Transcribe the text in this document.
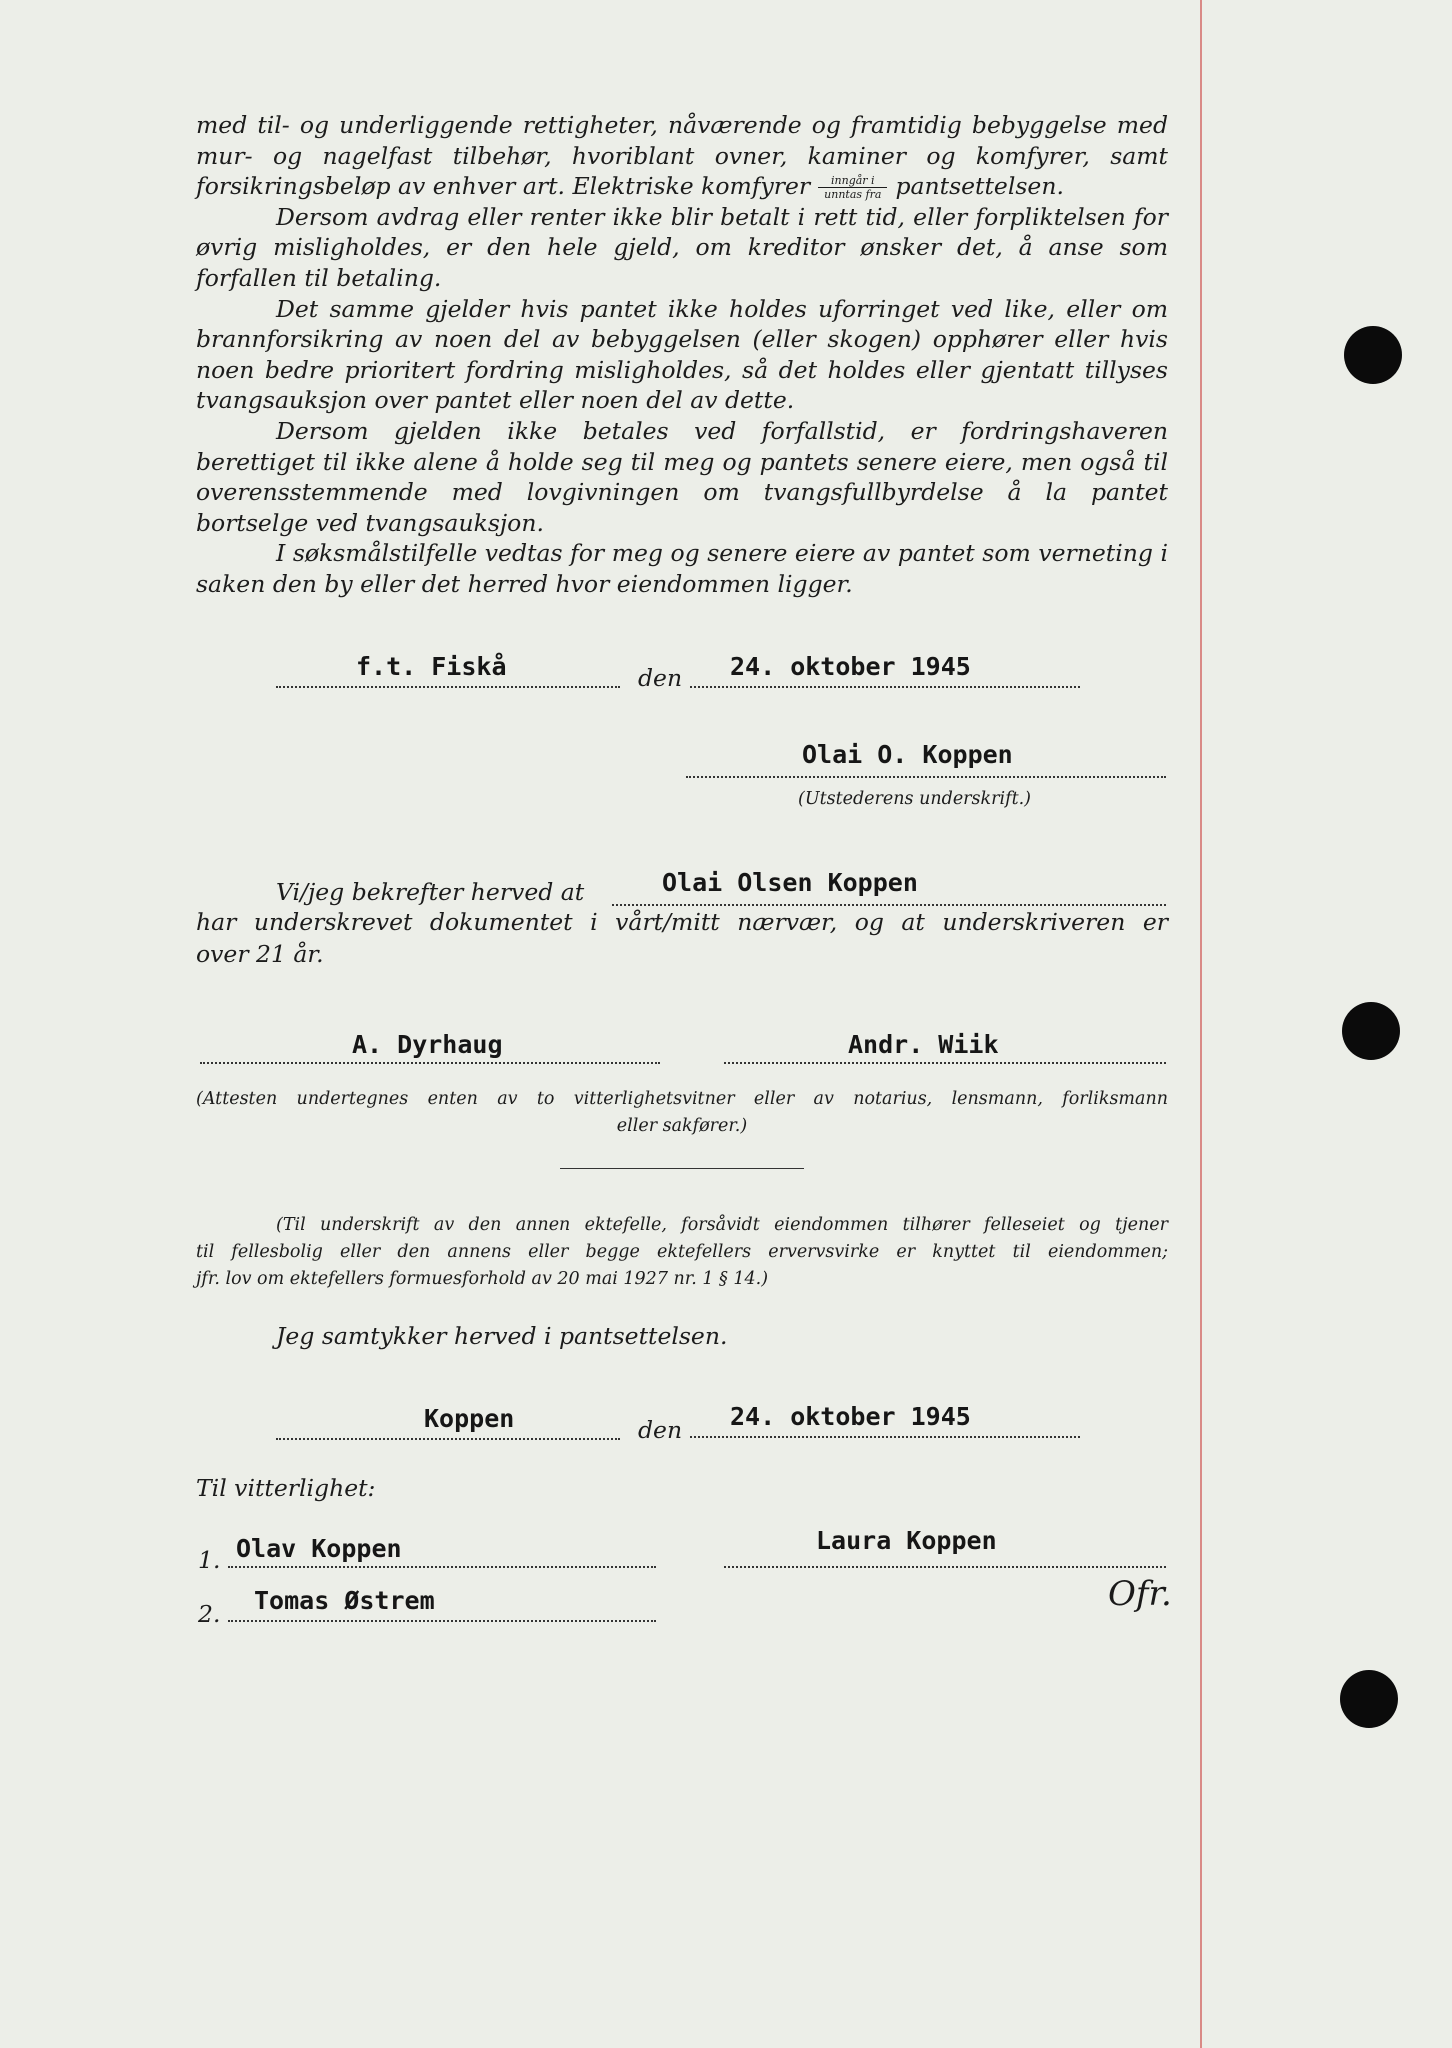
med til- og underliggende rettigheter, nåværende og framtidig bebyggelse med mur- og nagelfast tilbehør, hvoriblant ovner, kaminer og komfyrer, samt forsikringsbeløp av enhver art. Elektriske komfyrer $\frac{\text{inngår i}}{\text{unntas fra}}$ pantsettelsen.

Dersom avdrag eller renter ikke blir betalt i rett tid, eller forpliktelsen for øvrig misligholdes, er den hele gjeld, om kreditor ønsker det, å anse som forfallen til betaling.

Det samme gjelder hvis pantet ikke holdes uforringet ved like, eller om brannforsikring av noen del av bebyggelsen (eller skogen) opphører eller hvis noen bedre prioritert fordring misligholdes, så det holdes eller gjentatt tillyses tvangsauksjon over pantet eller noen del av dette.

Dersom gjelden ikke betales ved forfallstid, er fordringshaveren berettiget til ikke alene å holde seg til meg og pantets senere eiere, men også til overensstemmende med lovgivningen om tvangsfullbyrdelse å la pantet bortselge ved tvangsauksjon.

I søksmålstilfelle vedtas for meg og senere eiere av pantet som verneting i saken den by eller det herred hvor eiendommen ligger.

f.t. Fiskå	den 24. oktober 1945
Olai O. Koppen
(Utstederens underskrift.)
Vi/jeg bekrefter herved at	Olai Olsen Koppen
har underskrevet dokumentet i vårt/mitt nærvær, og at underskriveren er
over 21 år.
A. Dyrhaug	Andr. Wiik
(Attesten undertegnes enten av to vitterlighetsvitner eller av notarius, lensmann, forliksmann
eller sakfører.)
(Til underskrift av den annen ektefelle, forsåvidt eiendommen tilhører felleseiet og tjener
til fellesbolig eller den annens eller begge ektefellers ervervsvirke er knyttet til eiendommen;
jfr. lov om ektefellers formuesforhold av 20 mai 1927 nr. 1 § 14.)
Jeg samtykker herved i pantsettelsen.
Koppen	den 24. oktober 1945
Til vitterlighet:
1. Olav Koppen	Laura Koppen
2. Tomas Østrem	Ofr.
